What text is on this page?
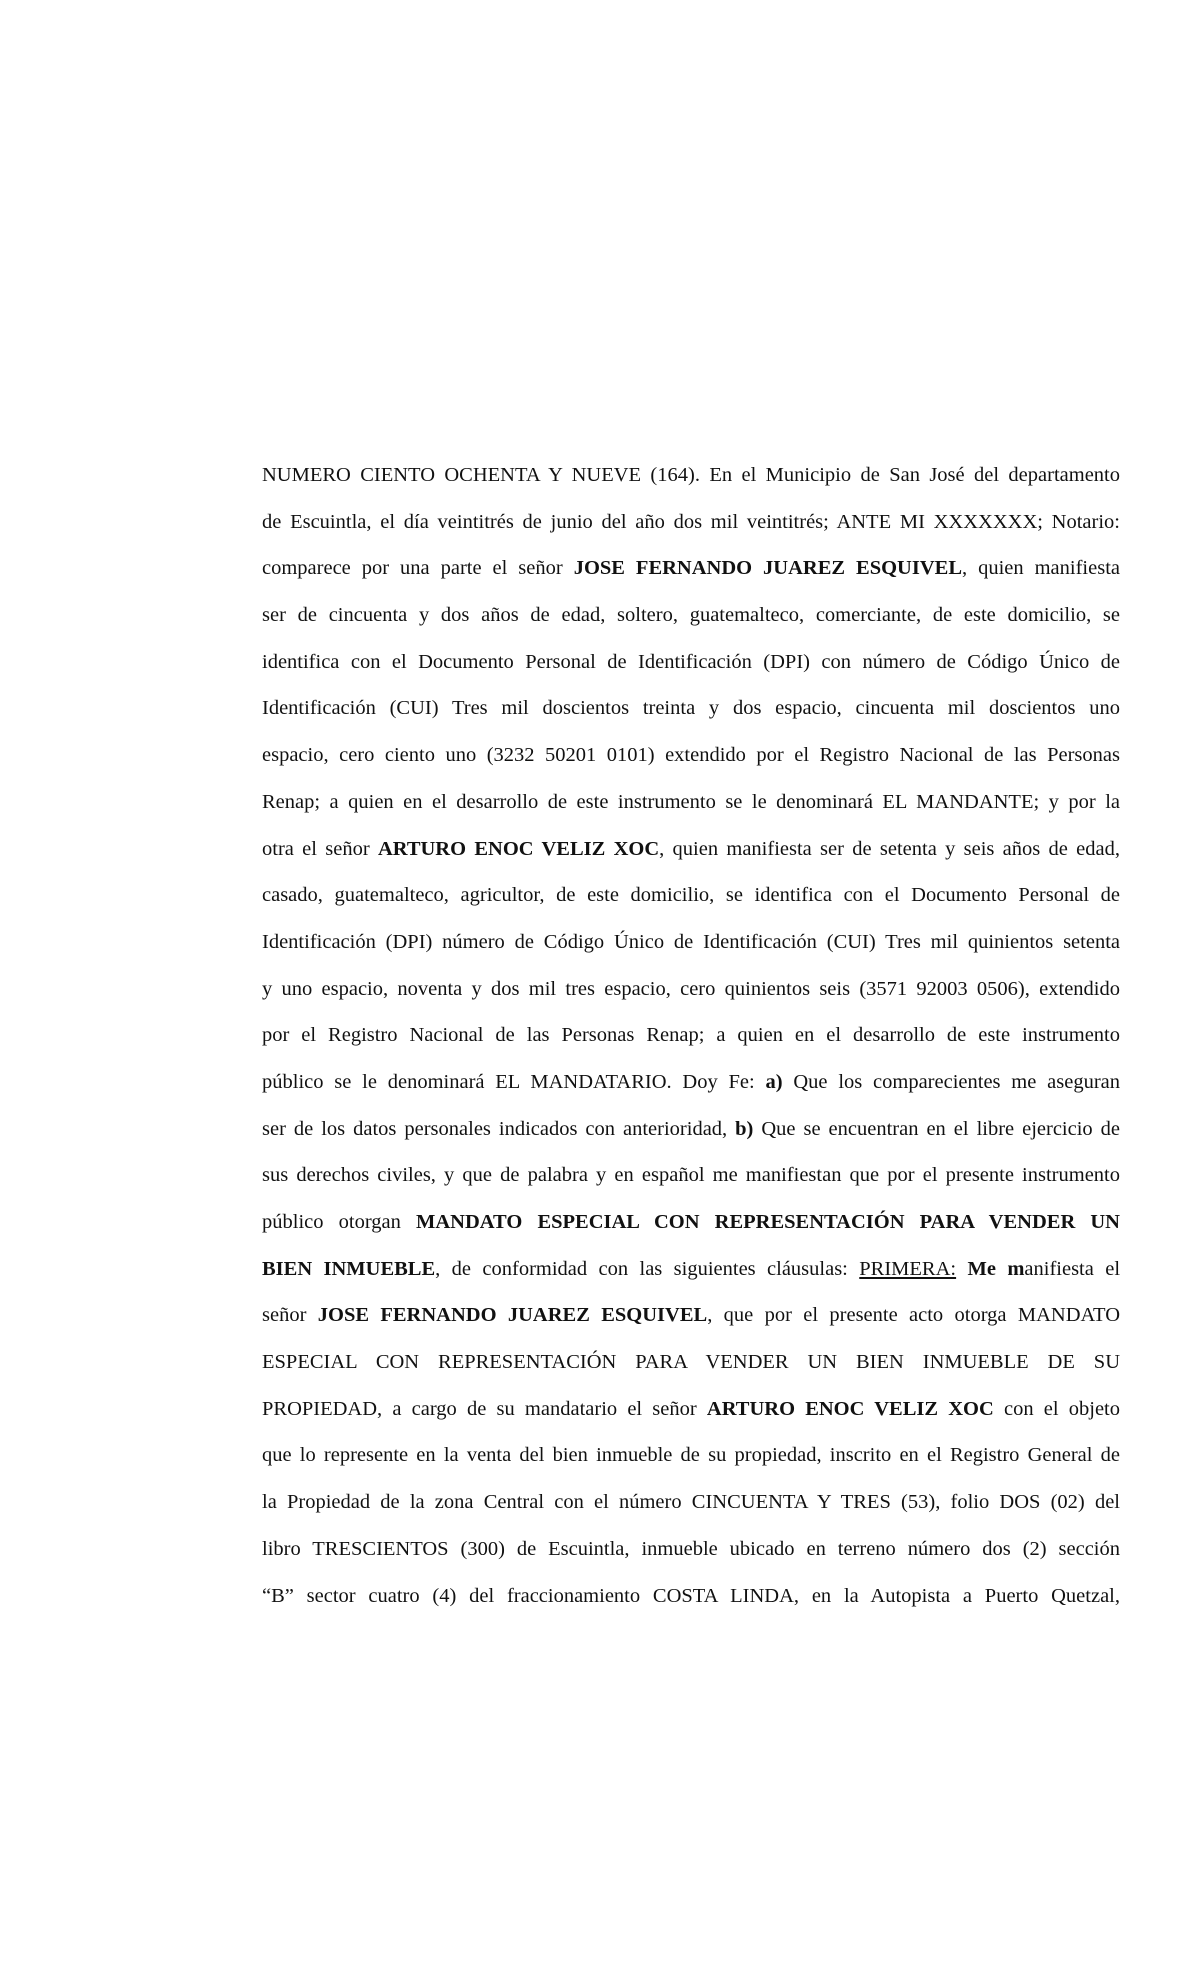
NUMERO CIENTO OCHENTA Y NUEVE (164). En el Municipio de San José del departamento
de Escuintla, el día veintitrés de junio del año dos mil veintitrés; ANTE MI XXXXXXX; Notario:
comparece por una parte el señor JOSE FERNANDO JUAREZ ESQUIVEL, quien manifiesta
ser de cincuenta y dos años de edad, soltero, guatemalteco, comerciante, de este domicilio, se
identifica con el Documento Personal de Identificación (DPI) con número de Código Único de
Identificación (CUI) Tres mil doscientos treinta y dos espacio, cincuenta mil doscientos uno
espacio, cero ciento uno (3232 50201 0101) extendido por el Registro Nacional de las Personas
Renap; a quien en el desarrollo de este instrumento se le denominará EL MANDANTE; y por la
otra el señor ARTURO ENOC VELIZ XOC, quien manifiesta ser de setenta y seis años de edad,
casado, guatemalteco, agricultor, de este domicilio, se identifica con el Documento Personal de
Identificación (DPI) número de Código Único de Identificación (CUI) Tres mil quinientos setenta
y uno espacio, noventa y dos mil tres espacio, cero quinientos seis (3571 92003 0506), extendido
por el Registro Nacional de las Personas Renap; a quien en el desarrollo de este instrumento
público se le denominará EL MANDATARIO. Doy Fe: a) Que los comparecientes me aseguran
ser de los datos personales indicados con anterioridad, b) Que se encuentran en el libre ejercicio de
sus derechos civiles, y que de palabra y en español me manifiestan que por el presente instrumento
público otorgan MANDATO ESPECIAL CON REPRESENTACIÓN PARA VENDER UN
BIEN INMUEBLE, de conformidad con las siguientes cláusulas: PRIMERA: Me manifiesta el
señor JOSE FERNANDO JUAREZ ESQUIVEL, que por el presente acto otorga MANDATO
ESPECIAL CON REPRESENTACIÓN PARA VENDER UN BIEN INMUEBLE DE SU
PROPIEDAD, a cargo de su mandatario el señor ARTURO ENOC VELIZ XOC con el objeto
que lo represente en la venta del bien inmueble de su propiedad, inscrito en el Registro General de
la Propiedad de la zona Central con el número CINCUENTA Y TRES (53), folio DOS (02) del
libro TRESCIENTOS (300) de Escuintla, inmueble ubicado en terreno número dos (2) sección
“B” sector cuatro (4) del fraccionamiento COSTA LINDA, en la Autopista a Puerto Quetzal,
